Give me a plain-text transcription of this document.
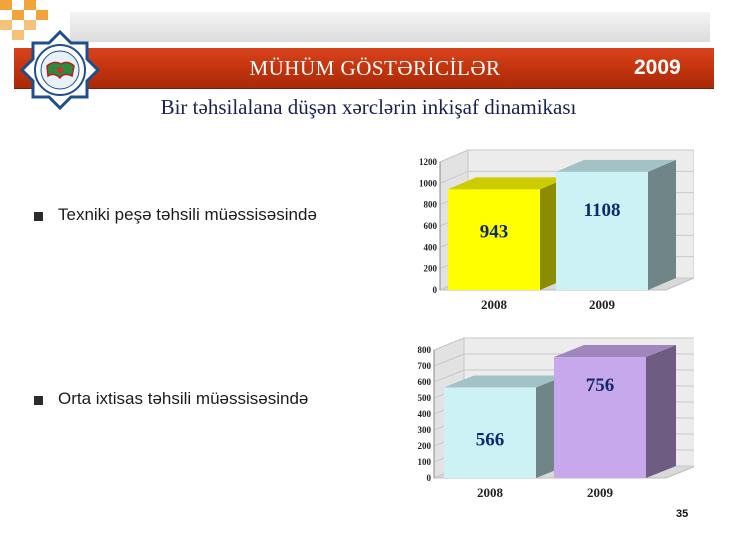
MÜHÜM GÖSTƏRİCİLƏR	2009
Bir təhsilalana düşən xərclərin inkişaf dinamikası
Texniki peşə təhsili müəssisəsində
Orta ixtisas təhsili müəssisəsində
0
200
400
600
800
1000
1200
943
2008
1108
2009
0
100
200
300
400
500
600
700
800
566
2008
756
2009
35
